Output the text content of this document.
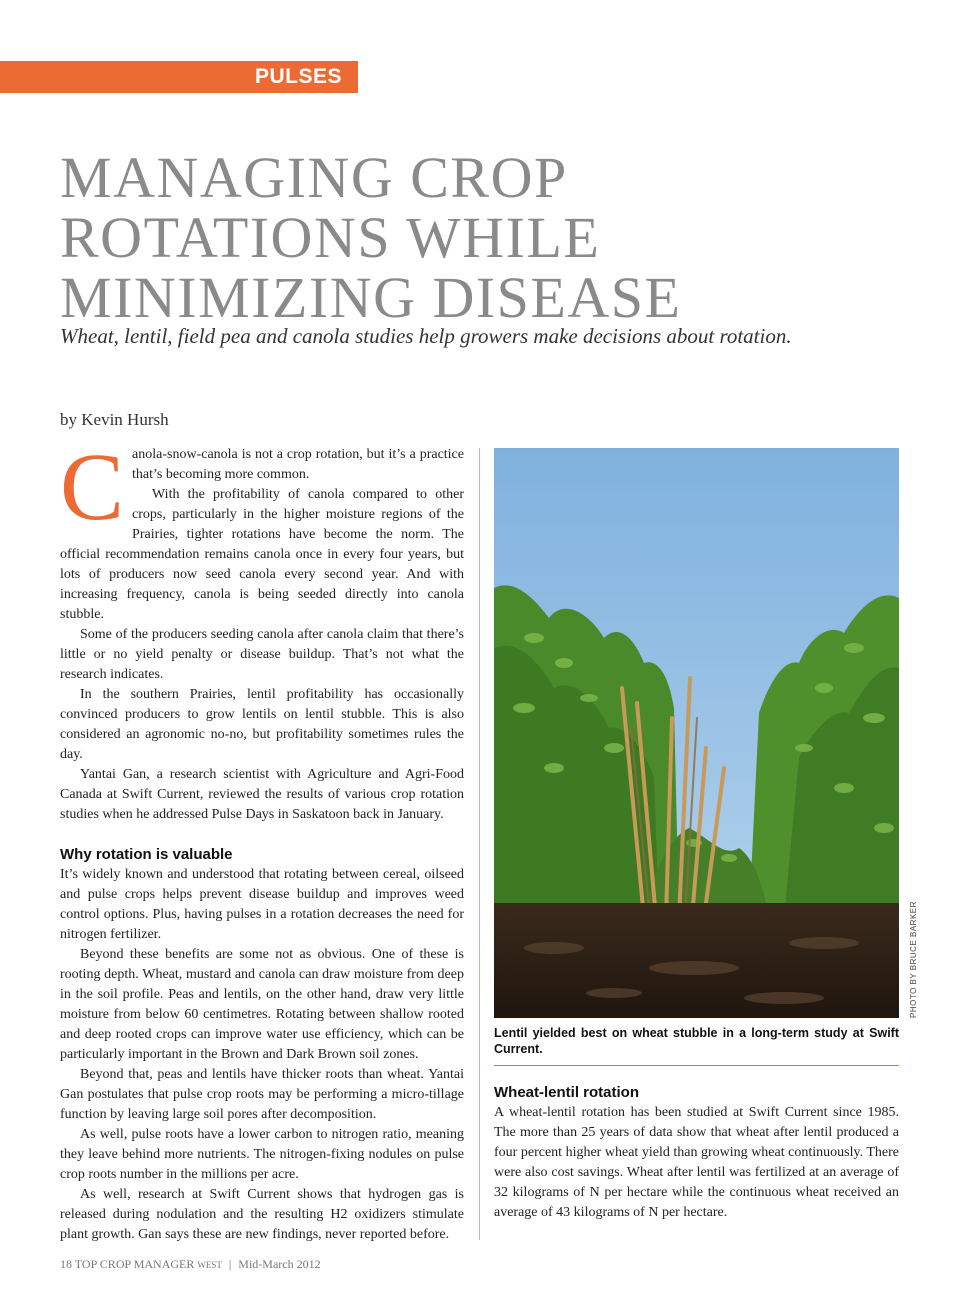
PULSES
MANAGING CROP
ROTATIONS WHILE
MINIMIZING DISEASE
Wheat, lentil, field pea and canola studies help growers make decisions about rotation.
by Kevin Hursh

Canola-snow-canola is not a crop rotation, but it’s a practice that’s becoming more common.

With the profitability of canola compared to other crops, particularly in the higher moisture regions of the Prairies, tighter rotations have become the norm. The official recommendation remains canola once in every four years, but lots of producers now seed canola every second year. And with increasing frequency, canola is being seeded directly into canola stubble.

Some of the producers seeding canola after canola claim that there’s little or no yield penalty or disease buildup. That’s not what the research indicates.

In the southern Prairies, lentil profitability has occasionally convinced producers to grow lentils on lentil stubble. This is also considered an agronomic no-no, but profitability sometimes rules the day.

Yantai Gan, a research scientist with Agriculture and Agri-Food Canada at Swift Current, reviewed the results of various crop rotation studies when he addressed Pulse Days in Saskatoon back in January.

Why rotation is valuable

It’s widely known and understood that rotating between cereal, oilseed and pulse crops helps prevent disease buildup and improves weed control options. Plus, having pulses in a rotation decreases the need for nitrogen fertilizer.

Beyond these benefits are some not as obvious. One of these is rooting depth. Wheat, mustard and canola can draw moisture from deep in the soil profile. Peas and lentils, on the other hand, draw very little moisture from below 60 centimetres. Rotating between shallow rooted and deep rooted crops can improve water use efficiency, which can be particularly important in the Brown and Dark Brown soil zones.

Beyond that, peas and lentils have thicker roots than wheat. Yantai Gan postulates that pulse crop roots may be performing a micro-tillage function by leaving large soil pores after decomposition.

As well, pulse roots have a lower carbon to nitrogen ratio, meaning they leave behind more nutrients. The nitrogen-fixing nodules on pulse crop roots number in the millions per acre.

As well, research at Swift Current shows that hydrogen gas is released during nodulation and the resulting H2 oxidizers stimulate plant growth. Gan says these are new findings, never reported before.

PHOTO BY BRUCE BARKER
Lentil yielded best on wheat stubble in a long-term study at Swift Current.
Wheat-lentil rotation

A wheat-lentil rotation has been studied at Swift Current since 1985. The more than 25 years of data show that wheat after lentil produced a four percent higher wheat yield than growing wheat continuously. There were also cost savings. Wheat after lentil was fertilized at an average of 32 kilograms of N per hectare while the continuous wheat received an average of 43 kilograms of N per hectare.

18 TOP CROP MANAGER WEST | Mid-March 2012
